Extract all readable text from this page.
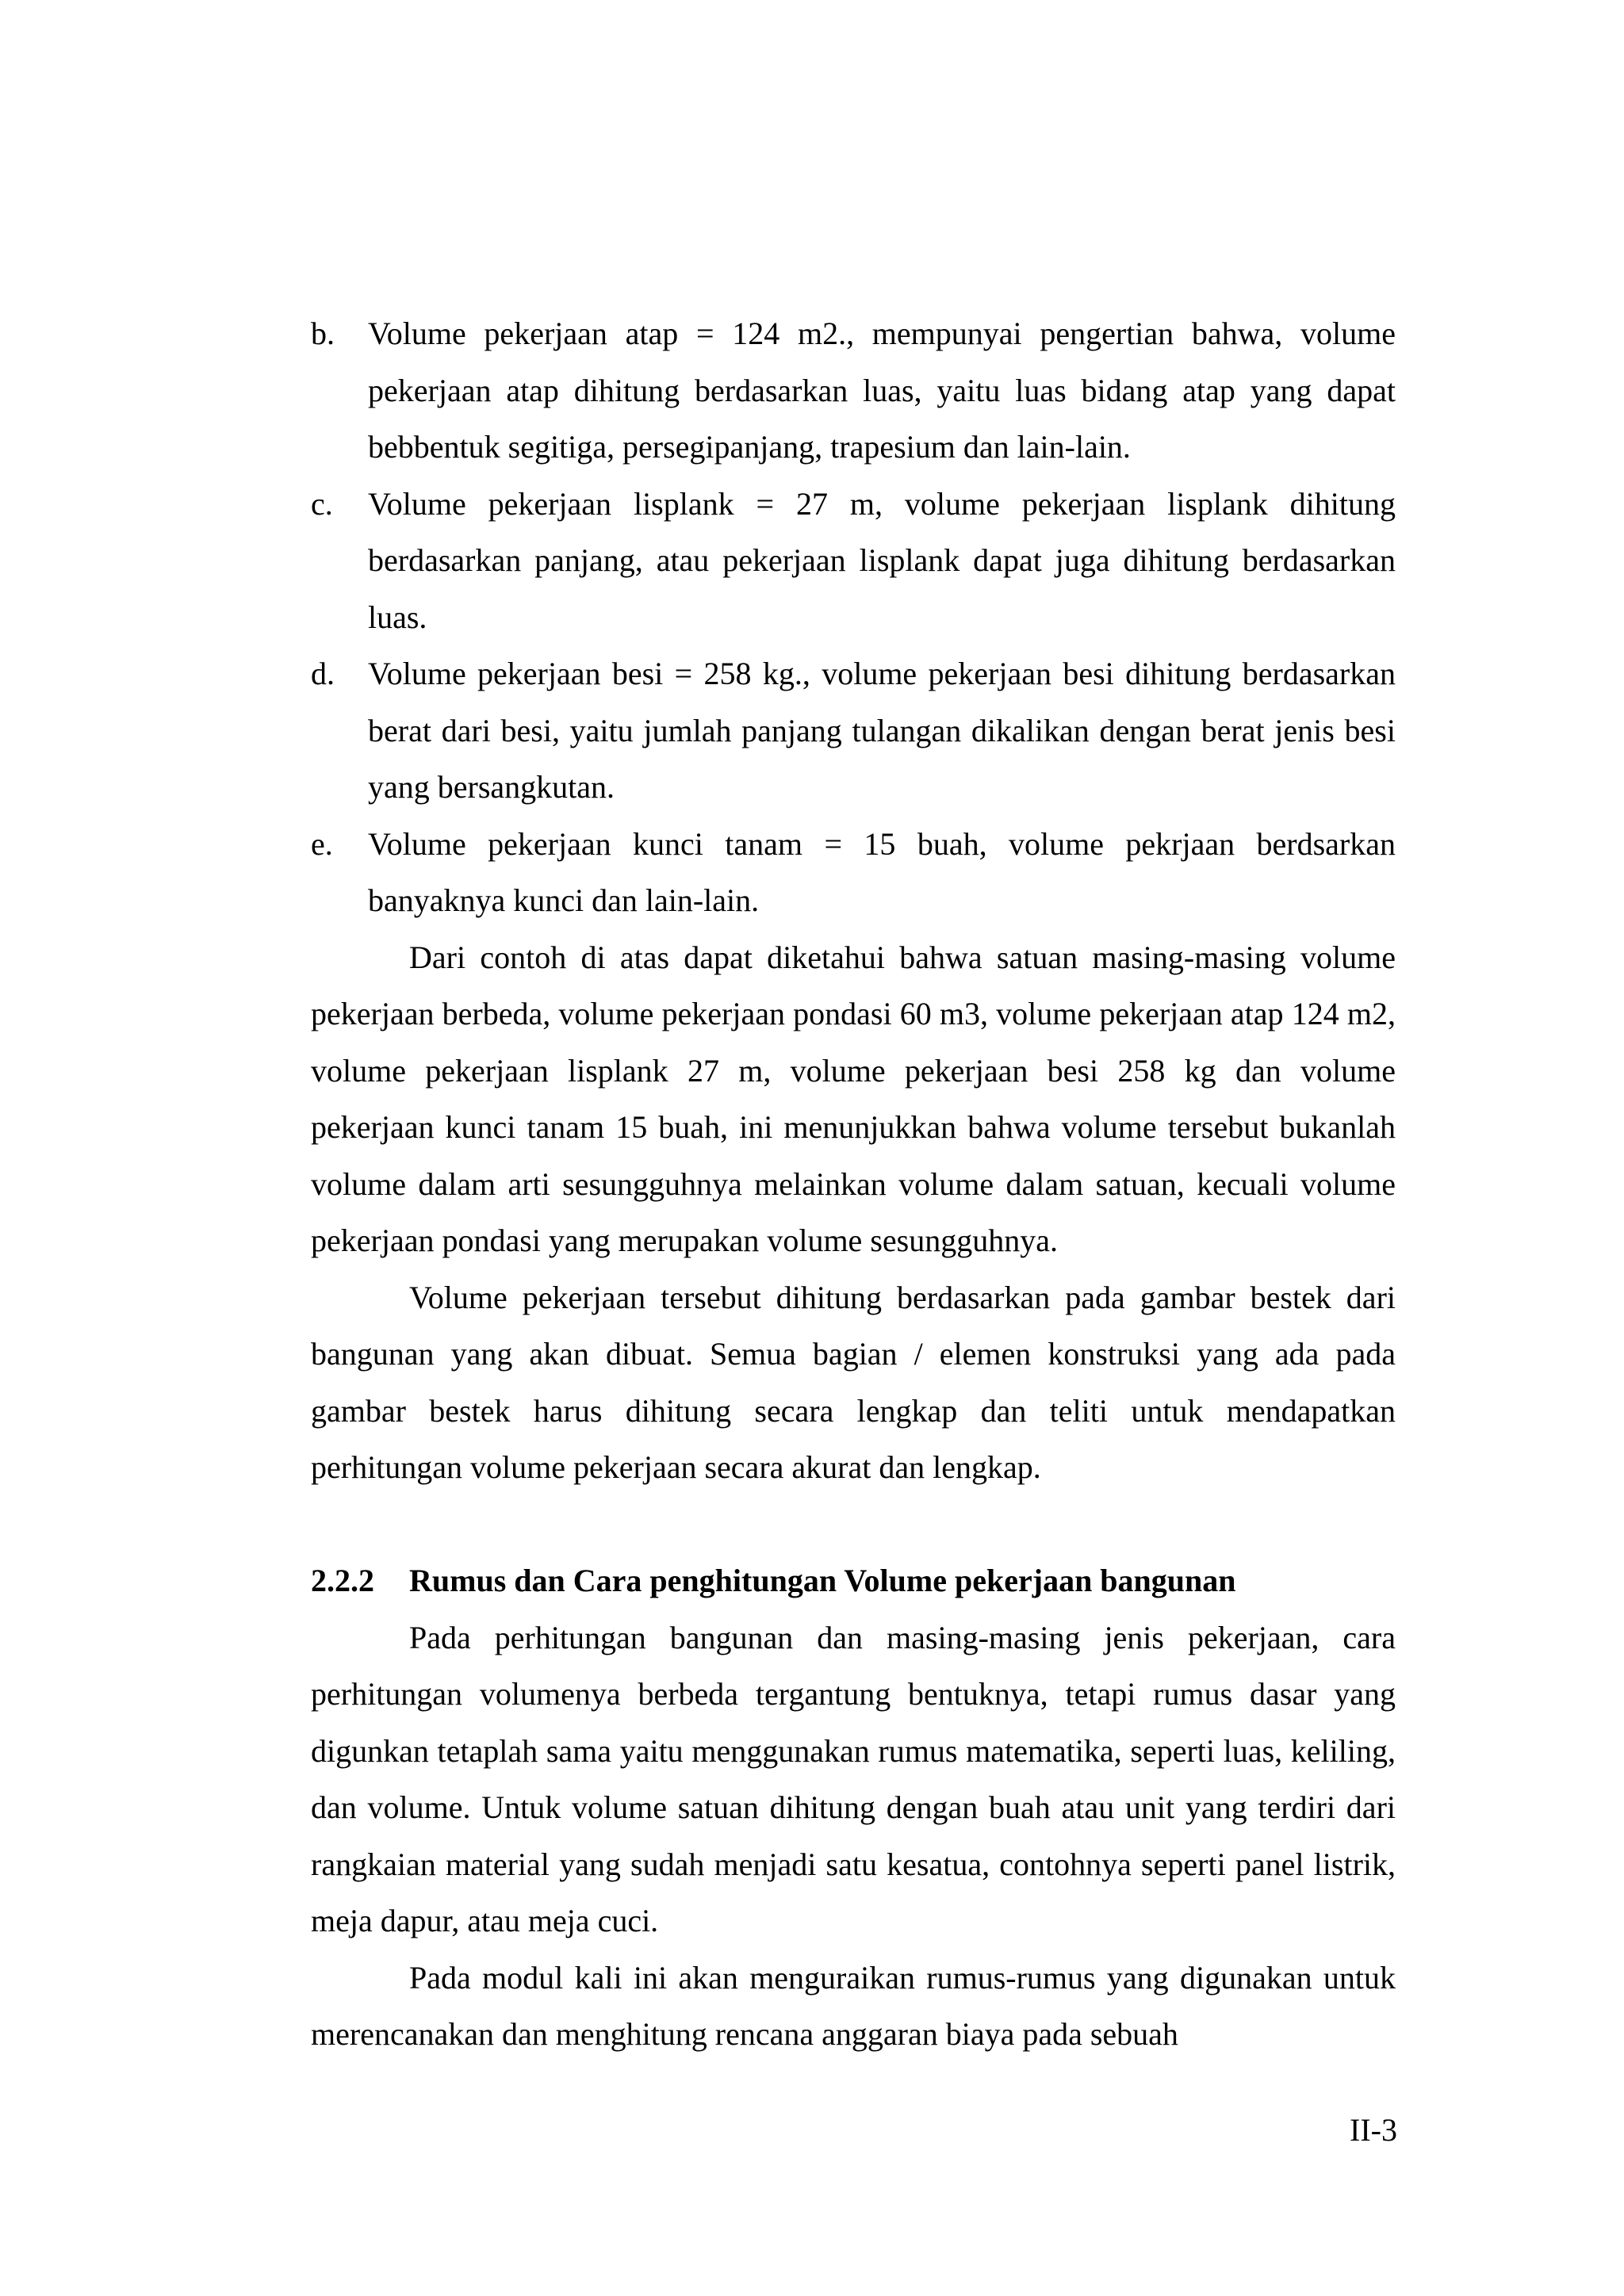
b.	Volume pekerjaan atap = 124 m2., mempunyai pengertian bahwa, volume pekerjaan atap dihitung berdasarkan luas, yaitu luas bidang atap yang dapat bebbentuk segitiga, persegipanjang, trapesium dan lain-lain.
c.	Volume pekerjaan lisplank = 27 m, volume pekerjaan lisplank dihitung berdasarkan panjang, atau pekerjaan lisplank dapat juga dihitung berdasarkan luas.
d.	Volume pekerjaan besi = 258 kg., volume pekerjaan besi dihitung berdasarkan berat dari besi, yaitu jumlah panjang tulangan dikalikan dengan berat jenis besi yang bersangkutan.
e.	Volume pekerjaan kunci tanam = 15 buah, volume pekrjaan berdsarkan banyaknya kunci dan lain-lain.

Dari contoh di atas dapat diketahui bahwa satuan masing-masing volume pekerjaan berbeda, volume pekerjaan pondasi 60 m3, volume pekerjaan atap 124 m2, volume pekerjaan lisplank 27 m, volume pekerjaan besi 258 kg dan volume pekerjaan kunci tanam 15 buah, ini menunjukkan bahwa volume tersebut bukanlah volume dalam arti sesungguhnya melainkan volume dalam satuan, kecuali volume pekerjaan pondasi yang merupakan volume sesungguhnya.

Volume pekerjaan tersebut dihitung berdasarkan pada gambar bestek dari bangunan yang akan dibuat. Semua bagian / elemen konstruksi yang ada pada gambar bestek harus dihitung secara lengkap dan teliti untuk mendapatkan perhitungan volume pekerjaan secara akurat dan lengkap.

2.2.2	Rumus dan Cara penghitungan Volume pekerjaan bangunan

Pada perhitungan bangunan dan masing-masing jenis pekerjaan, cara perhitungan volumenya berbeda tergantung bentuknya, tetapi rumus dasar yang digunkan tetaplah sama yaitu menggunakan rumus matematika, seperti luas, keliling, dan volume. Untuk volume satuan dihitung dengan buah atau unit yang terdiri dari rangkaian material yang sudah menjadi satu kesatua, contohnya seperti panel listrik, meja dapur, atau meja cuci.

Pada modul kali ini akan menguraikan rumus-rumus yang digunakan untuk merencanakan dan menghitung rencana anggaran biaya pada sebuah

II-3
